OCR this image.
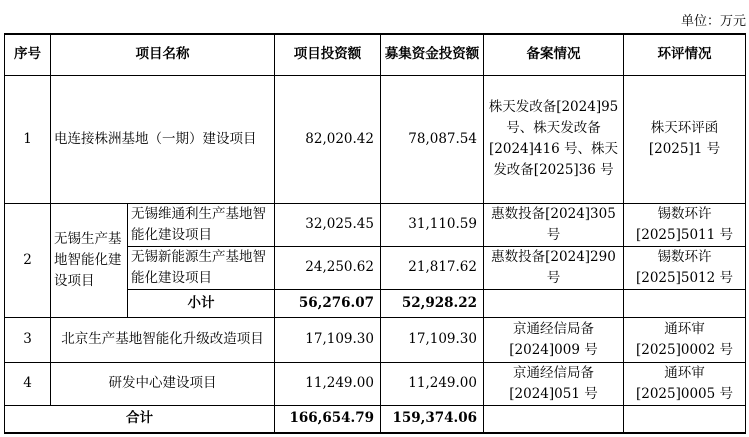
单位：万元
序号	项目名称		项目投资额	募集资金投资额	备案情况	环评情况
1	电连接株洲基地（一期）建设项目		82,020.42	78,087.54	株天发改备[2024]95 号、株天发改备[2024]416 号、株天发改备[2025]36 号	株天环评函[2025]1 号
2	无锡生产基地智能化建设项目	无锡维通利生产基地智能化建设项目	32,025.45	31,110.59	惠数投备[2024]305 号	锡数环许[2025]5011 号
		无锡新能源生产基地智能化建设项目	24,250.62	21,817.62	惠数投备[2024]290 号	锡数环许[2025]5012 号
		小计	56,276.07	52,928.22		
3	北京生产基地智能化升级改造项目		17,109.30	17,109.30	京通经信局备[2024]009 号	通环审[2025]0002 号
4	研发中心建设项目		11,249.00	11,249.00	京通经信局备[2024]051 号	通环审[2025]0005 号
合计			166,654.79	159,374.06		
